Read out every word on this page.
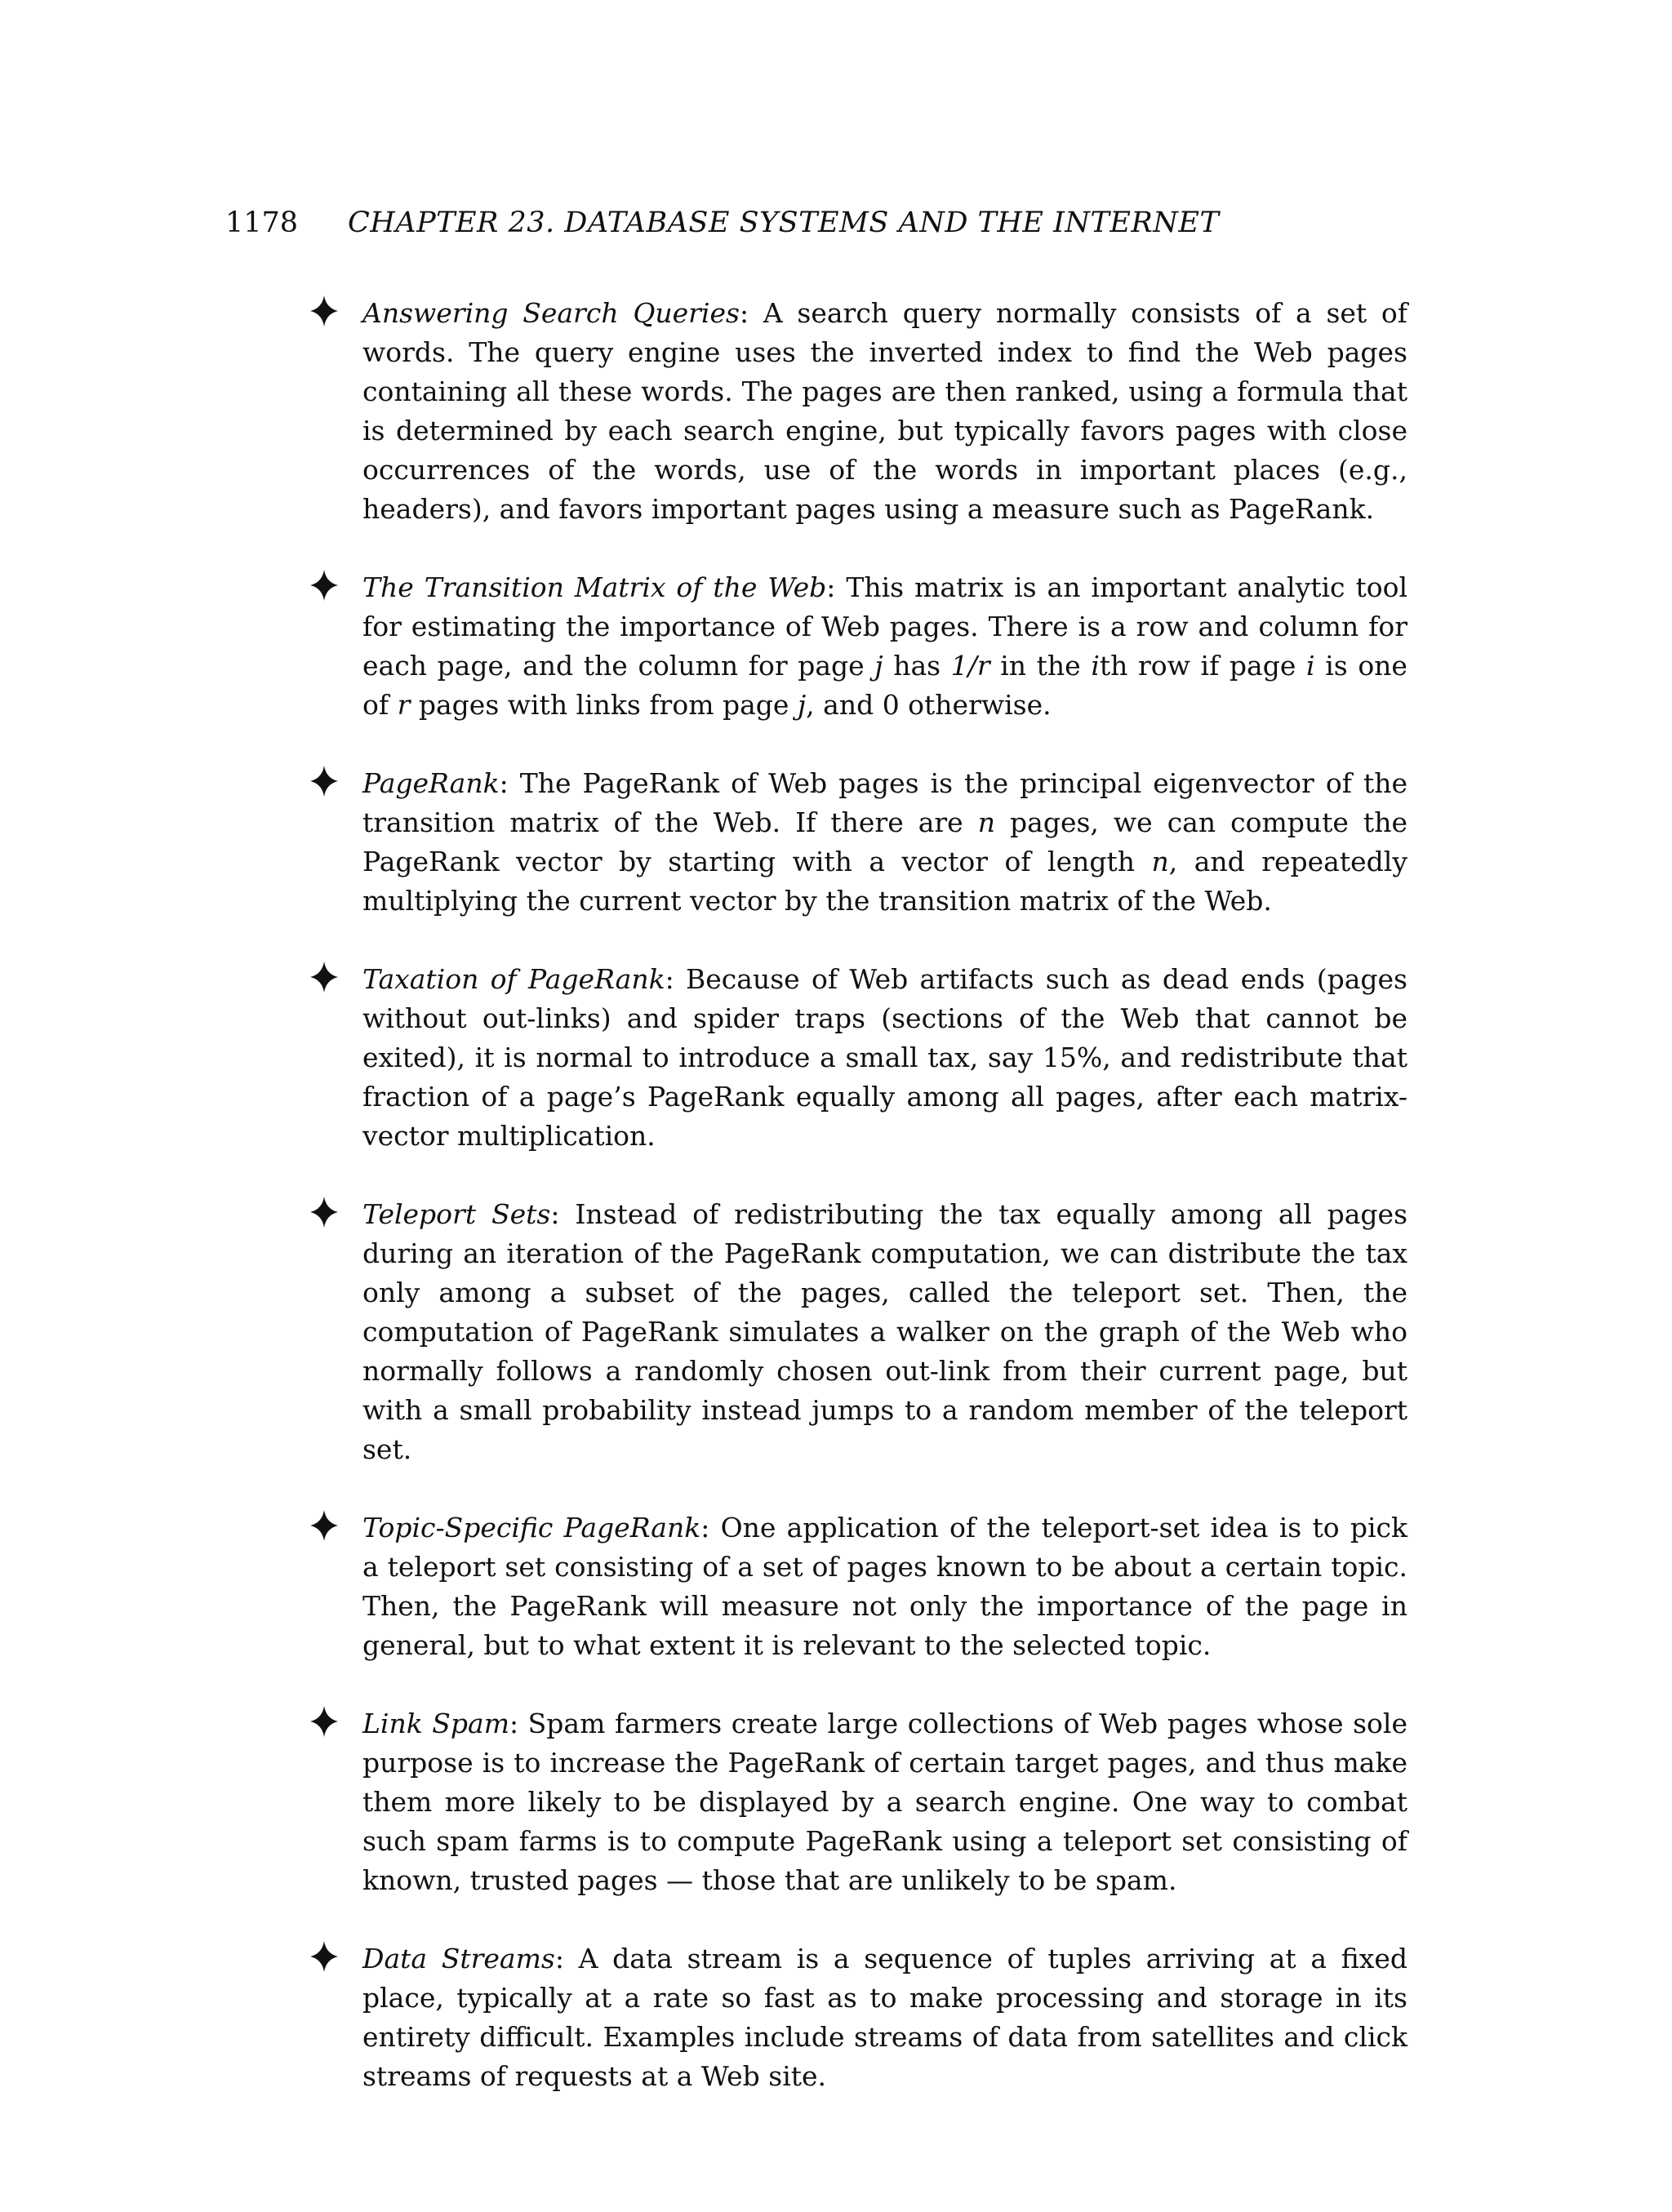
1178 CHAPTER 23. DATABASE SYSTEMS AND THE INTERNET
Answering Search Queries: A search query normally consists of a set of words. The query engine uses the inverted index to find the Web pages containing all these words. The pages are then ranked, using a formula that is determined by each search engine, but typically favors pages with close occurrences of the words, use of the words in important places (e.g., headers), and favors important pages using a measure such as PageRank.
The Transition Matrix of the Web: This matrix is an important analytic tool for estimating the importance of Web pages. There is a row and column for each page, and the column for page j has 1/r in the ith row if page i is one of r pages with links from page j, and 0 otherwise.
PageRank: The PageRank of Web pages is the principal eigenvector of the transition matrix of the Web. If there are n pages, we can compute the PageRank vector by starting with a vector of length n, and repeatedly multiplying the current vector by the transition matrix of the Web.
Taxation of PageRank: Because of Web artifacts such as dead ends (pages without out-links) and spider traps (sections of the Web that cannot be exited), it is normal to introduce a small tax, say 15%, and redistribute that fraction of a page’s PageRank equally among all pages, after each matrix-vector multiplication.
Teleport Sets: Instead of redistributing the tax equally among all pages during an iteration of the PageRank computation, we can distribute the tax only among a subset of the pages, called the teleport set. Then, the computation of PageRank simulates a walker on the graph of the Web who normally follows a randomly chosen out-link from their current page, but with a small probability instead jumps to a random member of the teleport set.
Topic-Specific PageRank: One application of the teleport-set idea is to pick a teleport set consisting of a set of pages known to be about a certain topic. Then, the PageRank will measure not only the importance of the page in general, but to what extent it is relevant to the selected topic.
Link Spam: Spam farmers create large collections of Web pages whose sole purpose is to increase the PageRank of certain target pages, and thus make them more likely to be displayed by a search engine. One way to combat such spam farms is to compute PageRank using a teleport set consisting of known, trusted pages — those that are unlikely to be spam.
Data Streams: A data stream is a sequence of tuples arriving at a fixed place, typically at a rate so fast as to make processing and storage in its entirety difficult. Examples include streams of data from satellites and click streams of requests at a Web site.
